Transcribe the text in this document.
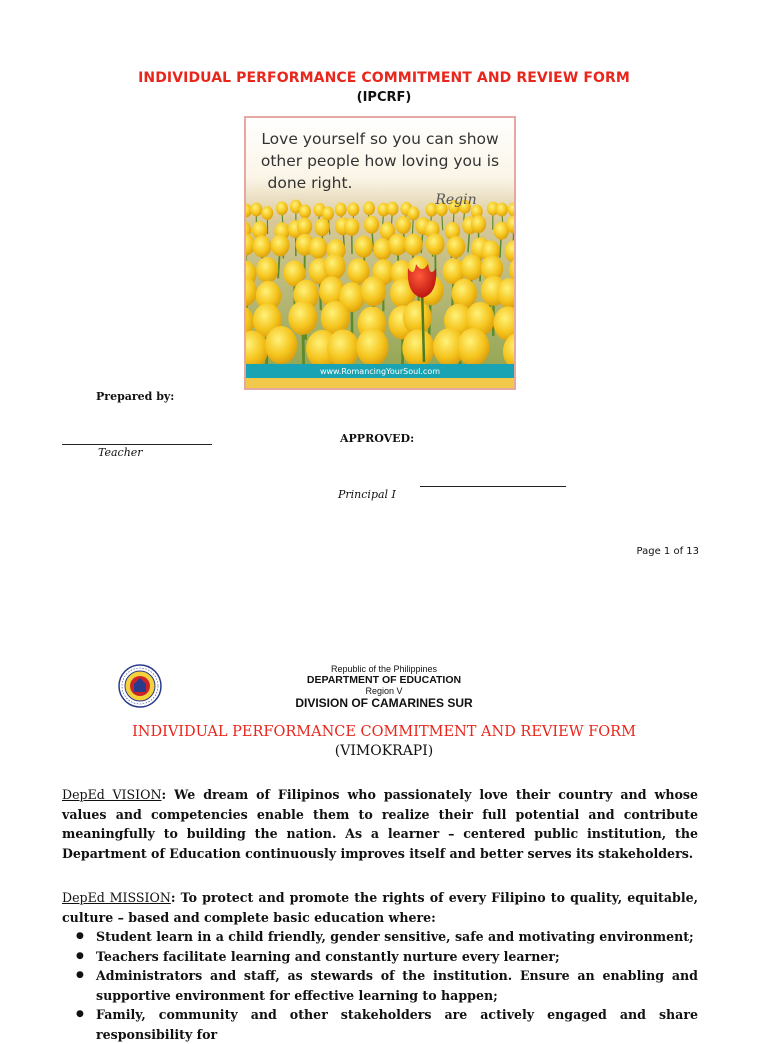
INDIVIDUAL PERFORMANCE COMMITMENT AND REVIEW FORM
(IPCRF)
www.RomancingYourSoul.com
Love yourself so you can show
other people how loving you is
done right.
Regin
Prepared by:
Teacher
APPROVED:
Principal I
Page 1 of 13
Republic of the Philippines
DEPARTMENT OF EDUCATION
Region V
DIVISION OF CAMARINES SUR
INDIVIDUAL PERFORMANCE COMMITMENT AND REVIEW FORM
(VIMOKRAPI)
DepEd VISION: We dream of Filipinos who passionately love their country and whose values and competencies enable them to realize their full potential and contribute meaningfully to building the nation. As a learner – centered public institution, the Department of Education continuously improves itself and better serves its stakeholders.
DepEd MISSION: To protect and promote the rights of every Filipino to quality, equitable, culture – based and complete basic education where:
● Student learn in a child friendly, gender sensitive, safe and motivating environment;
● Teachers facilitate learning and constantly nurture every learner;
● Administrators and staff, as stewards of the institution. Ensure an enabling and supportive environment for effective learning to happen;
● Family, community and other stakeholders are actively engaged and share responsibility for
